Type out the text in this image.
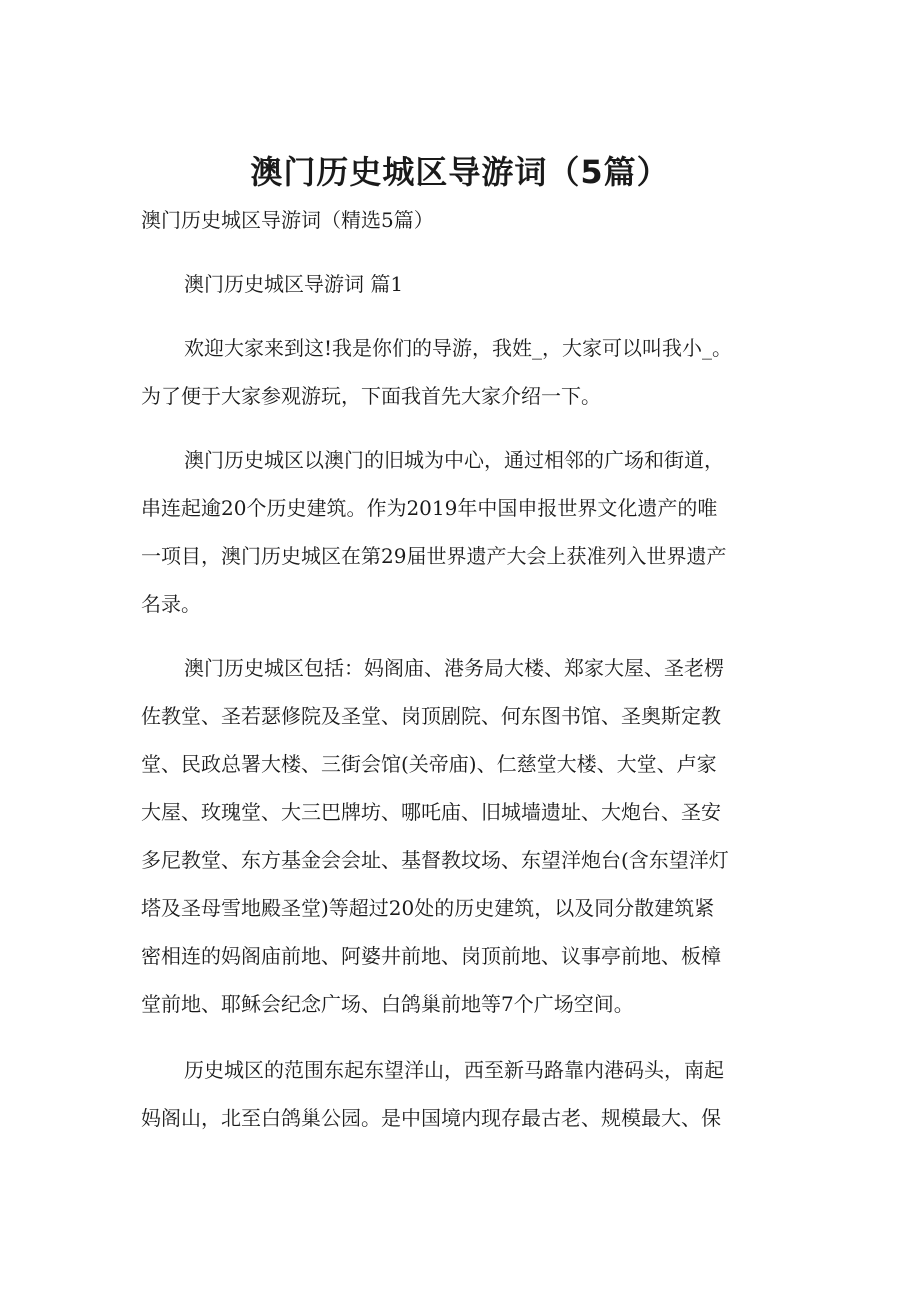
澳门历史城区导游词（5篇）

澳门历史城区导游词（精选5篇）

澳门历史城区导游词 篇1

欢迎大家来到这!我是你们的导游，我姓_，大家可以叫我小_。
为了便于大家参观游玩，下面我首先大家介绍一下。
澳门历史城区以澳门的旧城为中心，通过相邻的广场和街道，
串连起逾20个历史建筑。作为2019年中国申报世界文化遗产的唯
一项目，澳门历史城区在第29届世界遗产大会上获准列入世界遗产
名录。
澳门历史城区包括：妈阁庙、港务局大楼、郑家大屋、圣老楞
佐教堂、圣若瑟修院及圣堂、岗顶剧院、何东图书馆、圣奥斯定教
堂、民政总署大楼、三街会馆(关帝庙)、仁慈堂大楼、大堂、卢家
大屋、玫瑰堂、大三巴牌坊、哪吒庙、旧城墙遗址、大炮台、圣安
多尼教堂、东方基金会会址、基督教坟场、东望洋炮台(含东望洋灯
塔及圣母雪地殿圣堂)等超过20处的历史建筑，以及同分散建筑紧
密相连的妈阁庙前地、阿婆井前地、岗顶前地、议事亭前地、板樟
堂前地、耶稣会纪念广场、白鸽巢前地等7个广场空间。
历史城区的范围东起东望洋山，西至新马路靠内港码头，南起
妈阁山，北至白鸽巢公园。是中国境内现存最古老、规模最大、保
